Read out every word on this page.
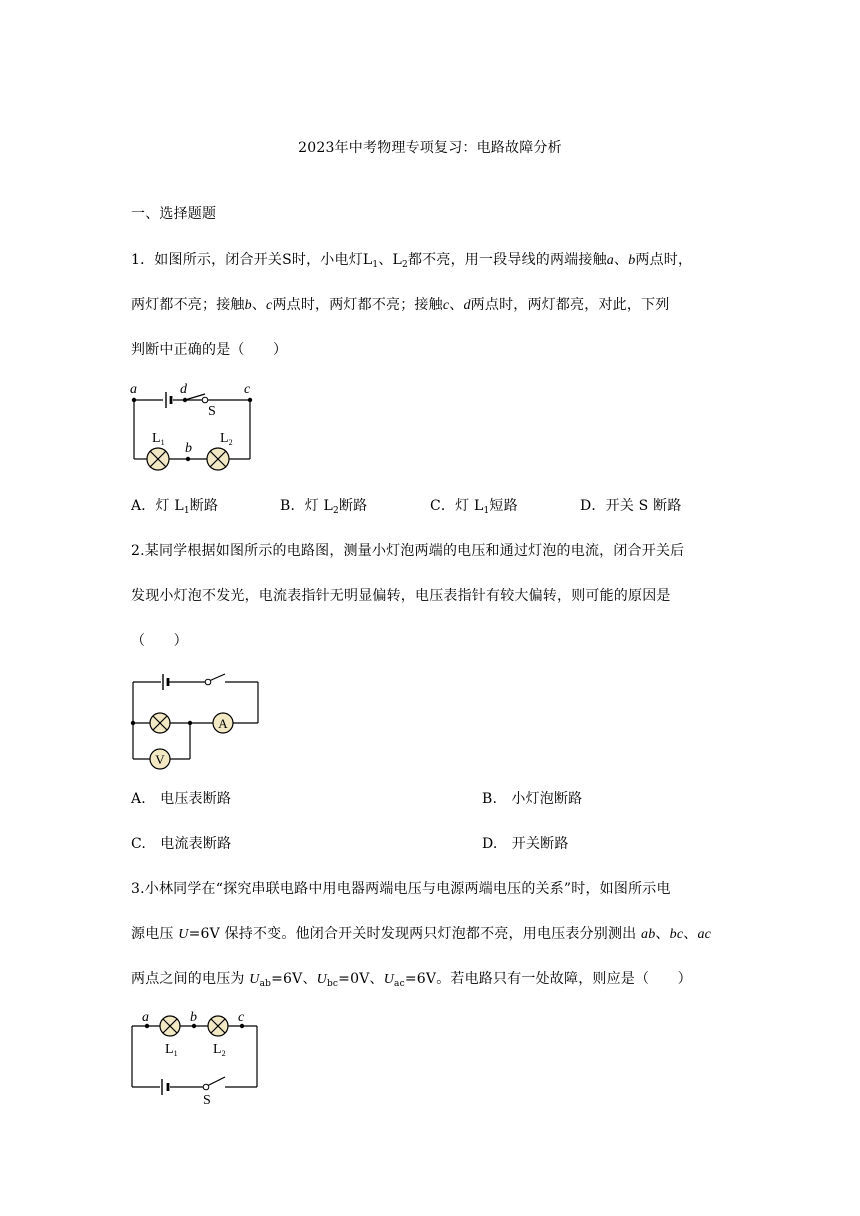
2023年中考物理专项复习：电路故障分析
一、选择题题
1．如图所示，闭合开关S时，小电灯$L_1$、$L_2$都不亮，用一段导线的两端接触a、b两点时，
两灯都不亮；接触b、c两点时，两灯都不亮；接触c、d两点时，两灯都亮，对此，下列
判断中正确的是（　　）
a	d	c
S
$L_1$	$L_2$
b
A．灯 $L_1$断路	B．灯 $L_2$断路	C．灯 $L_1$短路	D．开关 S 断路
2.某同学根据如图所示的电路图，测量小灯泡两端的电压和通过灯泡的电流，闭合开关后
发现小灯泡不发光，电流表指针无明显偏转，电压表指针有较大偏转，则可能的原因是
（　　）
A
V
A.　电压表断路	B.　小灯泡断路
C.　电流表断路	D.　开关断路
3.小林同学在“探究串联电路中用电器两端电压与电源两端电压的关系”时，如图所示电
源电压 U=6V 保持不变。他闭合开关时发现两只灯泡都不亮，用电压表分别测出 ab、bc、ac
两点之间的电压为 $U_{ab}=6V$、$U_{bc}=0V$、$U_{ac}=6V$。若电路只有一处故障，则应是（　　）
a	b	c
$L_1$	$L_2$
S
